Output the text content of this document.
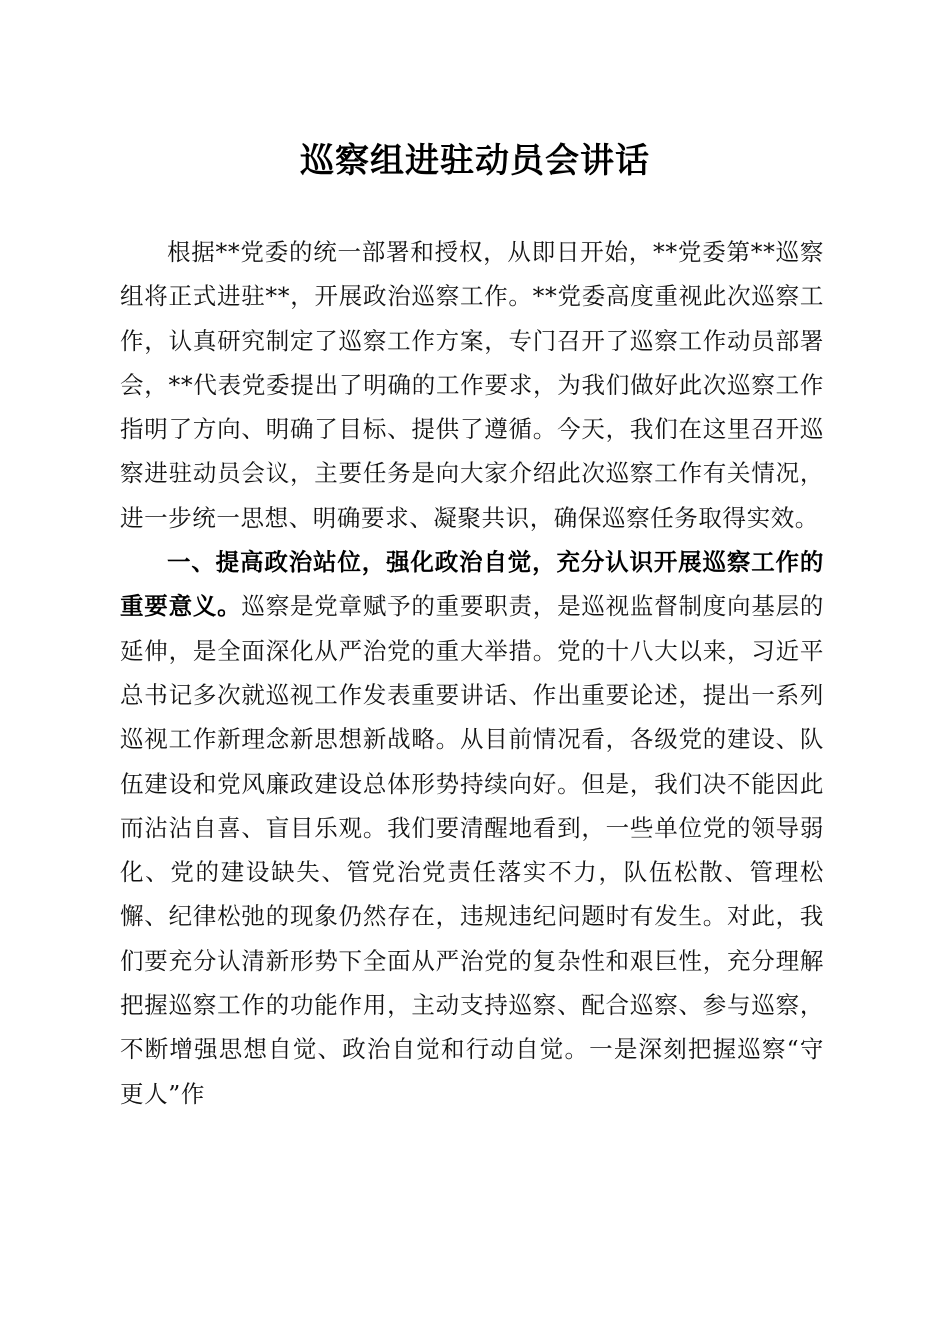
巡察组进驻动员会讲话

根据**党委的统一部署和授权，从即日开始，**党委第**巡察组将正式进驻**，开展政治巡察工作。**党委高度重视此次巡察工作，认真研究制定了巡察工作方案，专门召开了巡察工作动员部署会，**代表党委提出了明确的工作要求，为我们做好此次巡察工作指明了方向、明确了目标、提供了遵循。今天，我们在这里召开巡察进驻动员会议，主要任务是向大家介绍此次巡察工作有关情况，进一步统一思想、明确要求、凝聚共识，确保巡察任务取得实效。

一、提高政治站位，强化政治自觉，充分认识开展巡察工作的重要意义。巡察是党章赋予的重要职责，是巡视监督制度向基层的延伸，是全面深化从严治党的重大举措。党的十八大以来，习近平总书记多次就巡视工作发表重要讲话、作出重要论述，提出一系列巡视工作新理念新思想新战略。从目前情况看，各级党的建设、队伍建设和党风廉政建设总体形势持续向好。但是，我们决不能因此而沾沾自喜、盲目乐观。我们要清醒地看到，一些单位党的领导弱化、党的建设缺失、管党治党责任落实不力，队伍松散、管理松懈、纪律松弛的现象仍然存在，违规违纪问题时有发生。对此，我们要充分认清新形势下全面从严治党的复杂性和艰巨性，充分理解把握巡察工作的功能作用，主动支持巡察、配合巡察、参与巡察，不断增强思想自觉、政治自觉和行动自觉。一是深刻把握巡察“守更人”作
